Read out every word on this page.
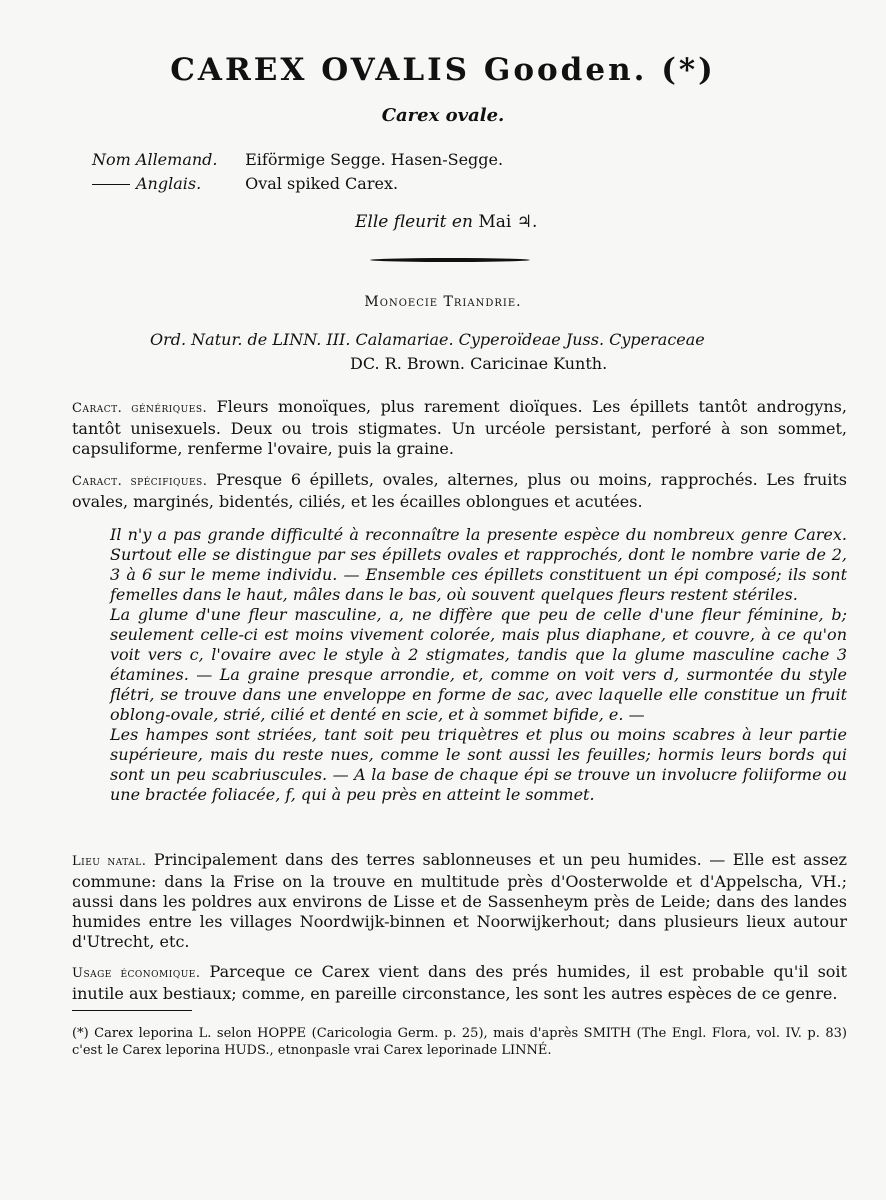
CAREX OVALIS Gooden. (*)
Carex ovale.
Nom Allemand. Eiförmige Segge. Hasen-Segge.
Anglais.	Oval spiked Carex.
Elle fleurit en Mai ♃.
Monoecie Triandrie.
Ord. Natur. de LINN. III. Calamariae. Cyperoïdeae Juss. Cyperaceae
DC. R. Brown. Caricinae Kunth.
Caract. génériques. Fleurs monoïques, plus rarement dioïques. Les épillets tantôt androgyns, tantôt unisexuels. Deux ou trois stigmates. Un urcéole persistant, perforé à son sommet, capsuliforme, renferme l'ovaire, puis la graine.
Caract. spécifiques. Presque 6 épillets, ovales, alternes, plus ou moins, rapprochés. Les fruits ovales, marginés, bidentés, ciliés, et les écailles oblongues et acutées.

Il n'y a pas grande difficulté à reconnaître la presente espèce du nombreux genre Carex. Surtout elle se distingue par ses épillets ovales et rapprochés, dont le nombre varie de 2, 3 à 6 sur le meme individu. — Ensemble ces épillets constituent un épi composé; ils sont femelles dans le haut, mâles dans le bas, où souvent quelques fleurs restent stériles.

La glume d'une fleur masculine, a, ne diffère que peu de celle d'une fleur féminine, b; seulement celle-ci est moins vivement colorée, mais plus diaphane, et couvre, à ce qu'on voit vers c, l'ovaire avec le style à 2 stigmates, tandis que la glume masculine cache 3 étamines. — La graine presque arrondie, et, comme on voit vers d, surmontée du style flétri, se trouve dans une enveloppe en forme de sac, avec laquelle elle constitue un fruit oblong-ovale, strié, cilié et denté en scie, et à sommet bifide, e. —

Les hampes sont striées, tant soit peu triquètres et plus ou moins scabres à leur partie supérieure, mais du reste nues, comme le sont aussi les feuilles; hormis leurs bords qui sont un peu scabriuscules. — A la base de chaque épi se trouve un involucre foliiforme ou une bractée foliacée, f, qui à peu près en atteint le sommet.

Lieu natal. Principalement dans des terres sablonneuses et un peu humides. — Elle est assez commune: dans la Frise on la trouve en multitude près d'Oosterwolde et d'Appelscha, VH.; aussi dans les poldres aux environs de Lisse et de Sassenheym près de Leide; dans des landes humides entre les villages Noordwijk-binnen et Noorwijkerhout; dans plusieurs lieux autour d'Utrecht, etc.
Usage économique. Parceque ce Carex vient dans des prés humides, il est probable qu'il soit inutile aux bestiaux; comme, en pareille circonstance, les sont les autres espèces de ce genre.
(*) Carex leporina L. selon HOPPE (Caricologia Germ. p. 25), mais d'après SMITH (The Engl. Flora, vol. IV. p. 83) c'est le Carex leporina HUDS., etnonpasle vrai Carex leporinade LINNÉ.
